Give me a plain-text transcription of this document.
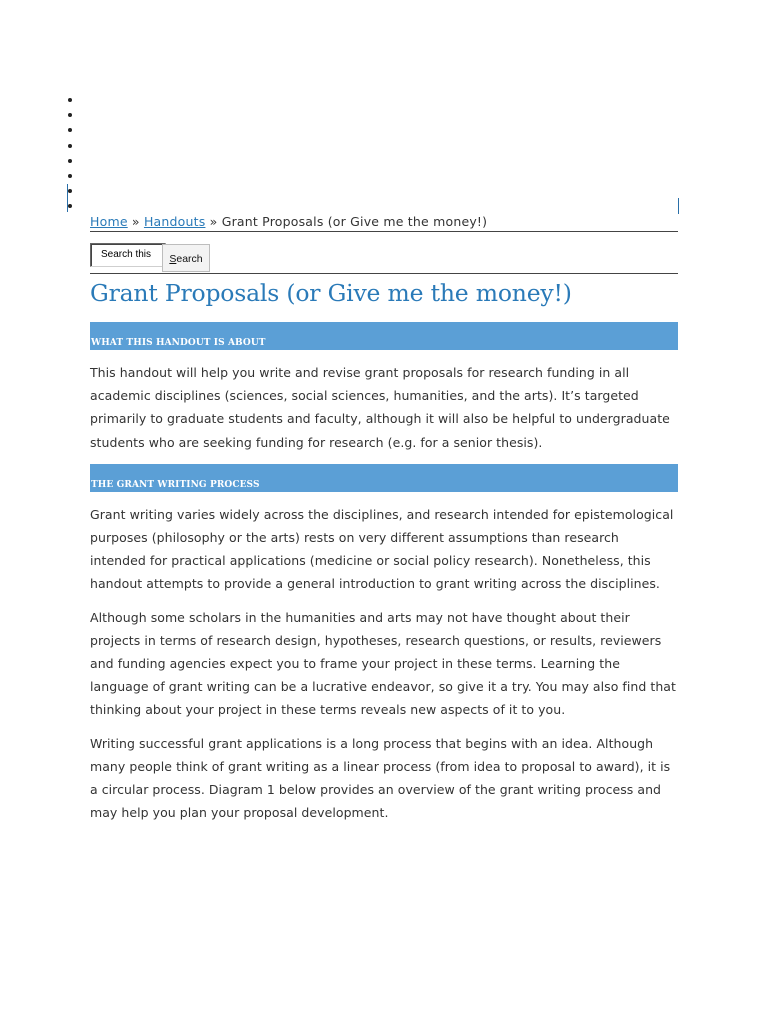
Home » Handouts » Grant Proposals (or Give me the money!)
Search this	Search
Grant Proposals (or Give me the money!)
WHAT THIS HANDOUT IS ABOUT

This handout will help you write and revise grant proposals for research funding in all academic disciplines (sciences, social sciences, humanities, and the arts). It’s targeted primarily to graduate students and faculty, although it will also be helpful to undergraduate students who are seeking funding for research (e.g. for a senior thesis).

THE GRANT WRITING PROCESS

Grant writing varies widely across the disciplines, and research intended for epistemological purposes (philosophy or the arts) rests on very different assumptions than research intended for practical applications (medicine or social policy research). Nonetheless, this handout attempts to provide a general introduction to grant writing across the disciplines.

Although some scholars in the humanities and arts may not have thought about their projects in terms of research design, hypotheses, research questions, or results, reviewers and funding agencies expect you to frame your project in these terms. Learning the language of grant writing can be a lucrative endeavor, so give it a try. You may also find that thinking about your project in these terms reveals new aspects of it to you.

Writing successful grant applications is a long process that begins with an idea. Although many people think of grant writing as a linear process (from idea to proposal to award), it is a circular process. Diagram 1 below provides an overview of the grant writing process and may help you plan your proposal development.
